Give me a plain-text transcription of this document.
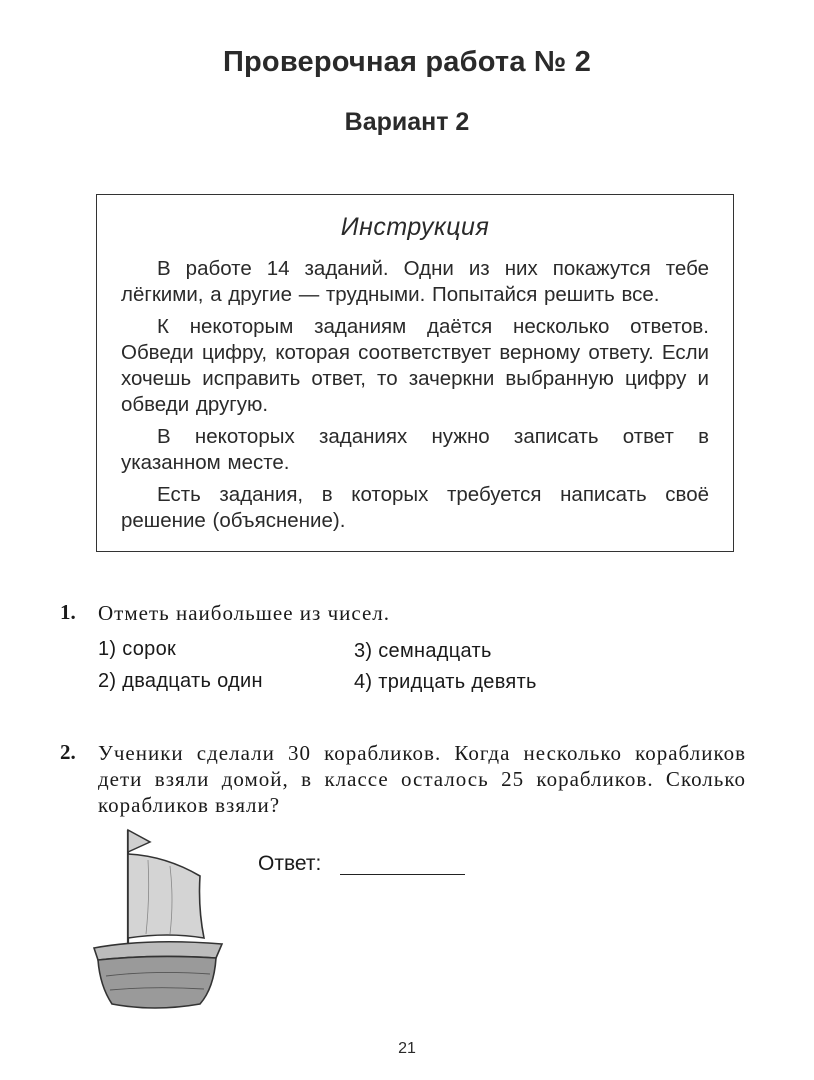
Проверочная работа № 2
Вариант 2
Инструкция

В работе 14 заданий. Одни из них покажутся тебе лёгкими, а другие — трудными. Попытайся решить все.

К некоторым заданиям даётся несколько ответов. Обведи цифру, которая соответствует верному ответу. Если хочешь исправить ответ, то зачеркни выбранную цифру и обведи другую.

В некоторых заданиях нужно записать ответ в указанном месте.

Есть задания, в которых требуется написать своё решение (объяснение).

1. Отметь наибольшее из чисел.
1) сорок
2) двадцать один
3) семнадцать
4) тридцать девять
2. Ученики сделали 30 корабликов. Когда несколько корабликов дети взяли домой, в классе осталось 25 корабликов. Сколько корабликов взяли?
Ответ:
21
